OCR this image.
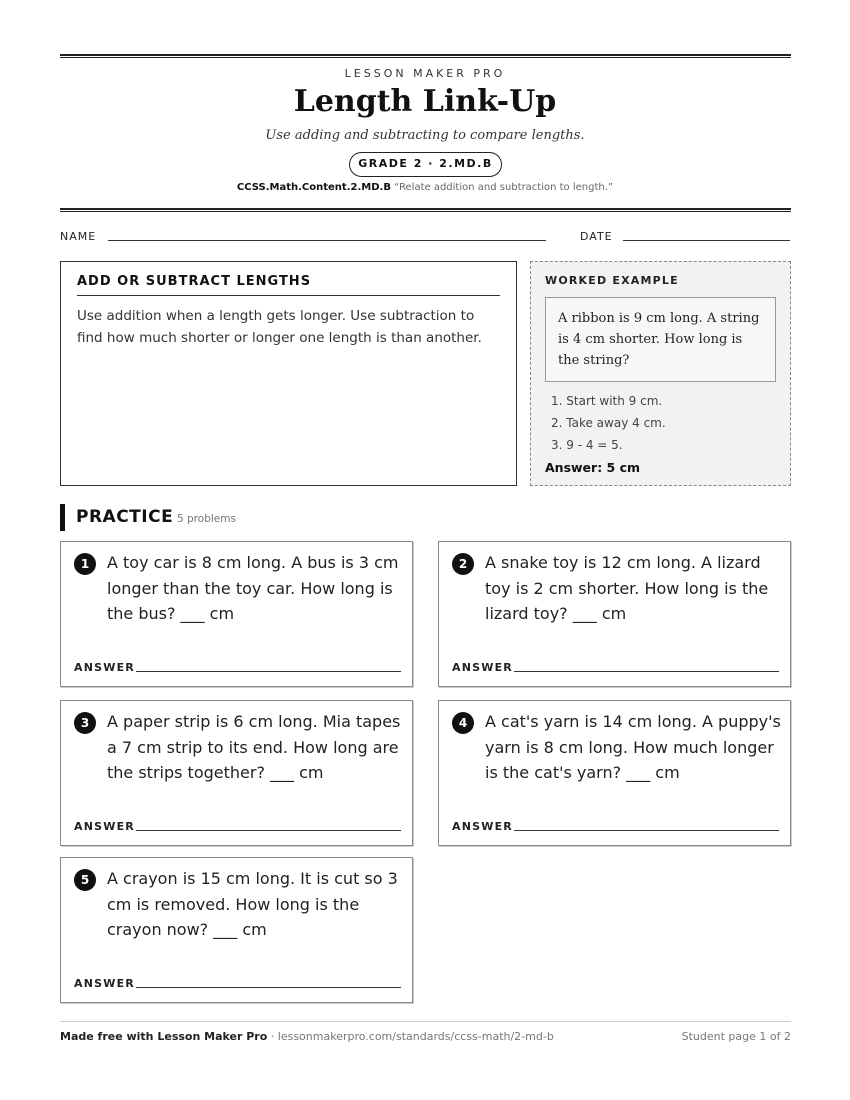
LESSON MAKER PRO
Length Link-Up
Use adding and subtracting to compare lengths.
GRADE 2 · 2.MD.B
CCSS.Math.Content.2.MD.B “Relate addition and subtraction to length.”
NAME	DATE
ADD OR SUBTRACT LENGTHS
Use addition when a length gets longer. Use subtraction to find how much shorter or longer one length is than another.
WORKED EXAMPLE
A ribbon is 9 cm long. A string is 4 cm shorter. How long is the string?
1. Start with 9 cm.
2. Take away 4 cm.
3. 9 - 4 = 5.
Answer: 5 cm
PRACTICE 5 problems
1	A toy car is 8 cm long. A bus is 3 cm longer than the toy car. How long is the bus? ___ cm
ANSWER
2	A snake toy is 12 cm long. A lizard toy is 2 cm shorter. How long is the lizard toy? ___ cm
ANSWER
3	A paper strip is 6 cm long. Mia tapes a 7 cm strip to its end. How long are the strips together? ___ cm
ANSWER
4	A cat's yarn is 14 cm long. A puppy's yarn is 8 cm long. How much longer is the cat's yarn? ___ cm
ANSWER
5	A crayon is 15 cm long. It is cut so 3 cm is removed. How long is the crayon now? ___ cm
ANSWER
Made free with Lesson Maker Pro · lessonmakerpro.com/standards/ccss-math/2-md-b	Student page 1 of 2
